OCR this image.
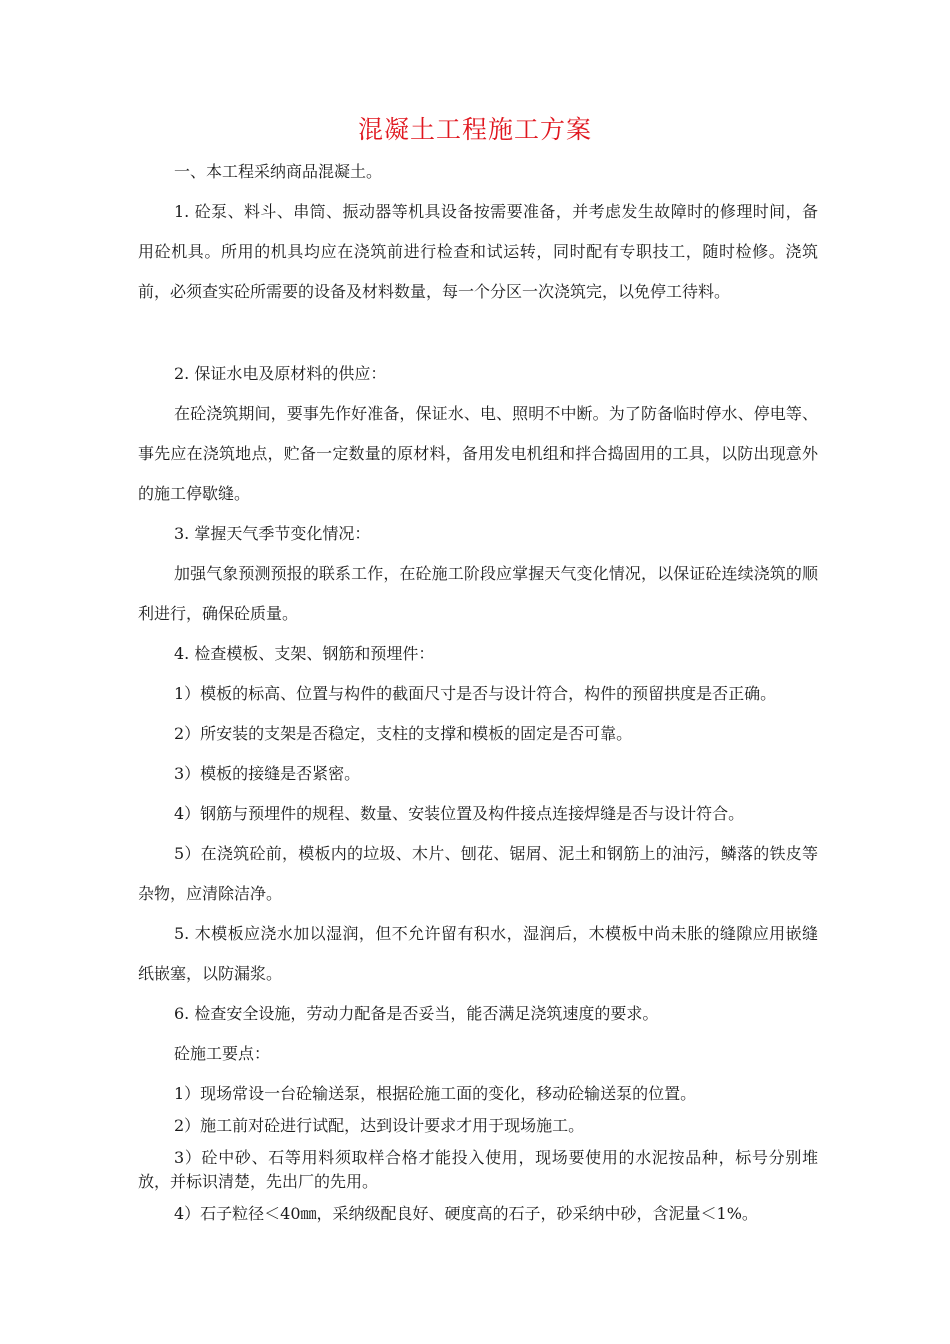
混凝土工程施工方案

一、本工程采纳商品混凝土。

1. 砼泵、料斗、串筒、振动器等机具设备按需要准备，并考虑发生故障时的修理时间，备用砼机具。所用的机具均应在浇筑前进行检查和试运转，同时配有专职技工，随时检修。浇筑前，必须查实砼所需要的设备及材料数量，每一个分区一次浇筑完，以免停工待料。

2. 保证水电及原材料的供应：

在砼浇筑期间，要事先作好准备，保证水、电、照明不中断。为了防备临时停水、停电等、事先应在浇筑地点，贮备一定数量的原材料，备用发电机组和拌合捣固用的工具，以防出现意外的施工停歇缝。

3. 掌握天气季节变化情况：

加强气象预测预报的联系工作，在砼施工阶段应掌握天气变化情况，以保证砼连续浇筑的顺利进行，确保砼质量。

4. 检查模板、支架、钢筋和预埋件：

1）模板的标高、位置与构件的截面尺寸是否与设计符合，构件的预留拱度是否正确。

2）所安装的支架是否稳定，支柱的支撑和模板的固定是否可靠。

3）模板的接缝是否紧密。

4）钢筋与预埋件的规程、数量、安装位置及构件接点连接焊缝是否与设计符合。

5）在浇筑砼前，模板内的垃圾、木片、刨花、锯屑、泥土和钢筋上的油污，鳞落的铁皮等杂物，应清除洁净。

5. 木模板应浇水加以湿润，但不允许留有积水，湿润后，木模板中尚未胀的缝隙应用嵌缝纸嵌塞，以防漏浆。

6. 检查安全设施，劳动力配备是否妥当，能否满足浇筑速度的要求。

砼施工要点：

1）现场常设一台砼输送泵，根据砼施工面的变化，移动砼输送泵的位置。

2）施工前对砼进行试配，达到设计要求才用于现场施工。

3）砼中砂、石等用料须取样合格才能投入使用，现场要使用的水泥按品种，标号分别堆放，并标识清楚，先出厂的先用。

4）石子粒径＜40㎜，采纳级配良好、硬度高的石子，砂采纳中砂，含泥量＜1%。
